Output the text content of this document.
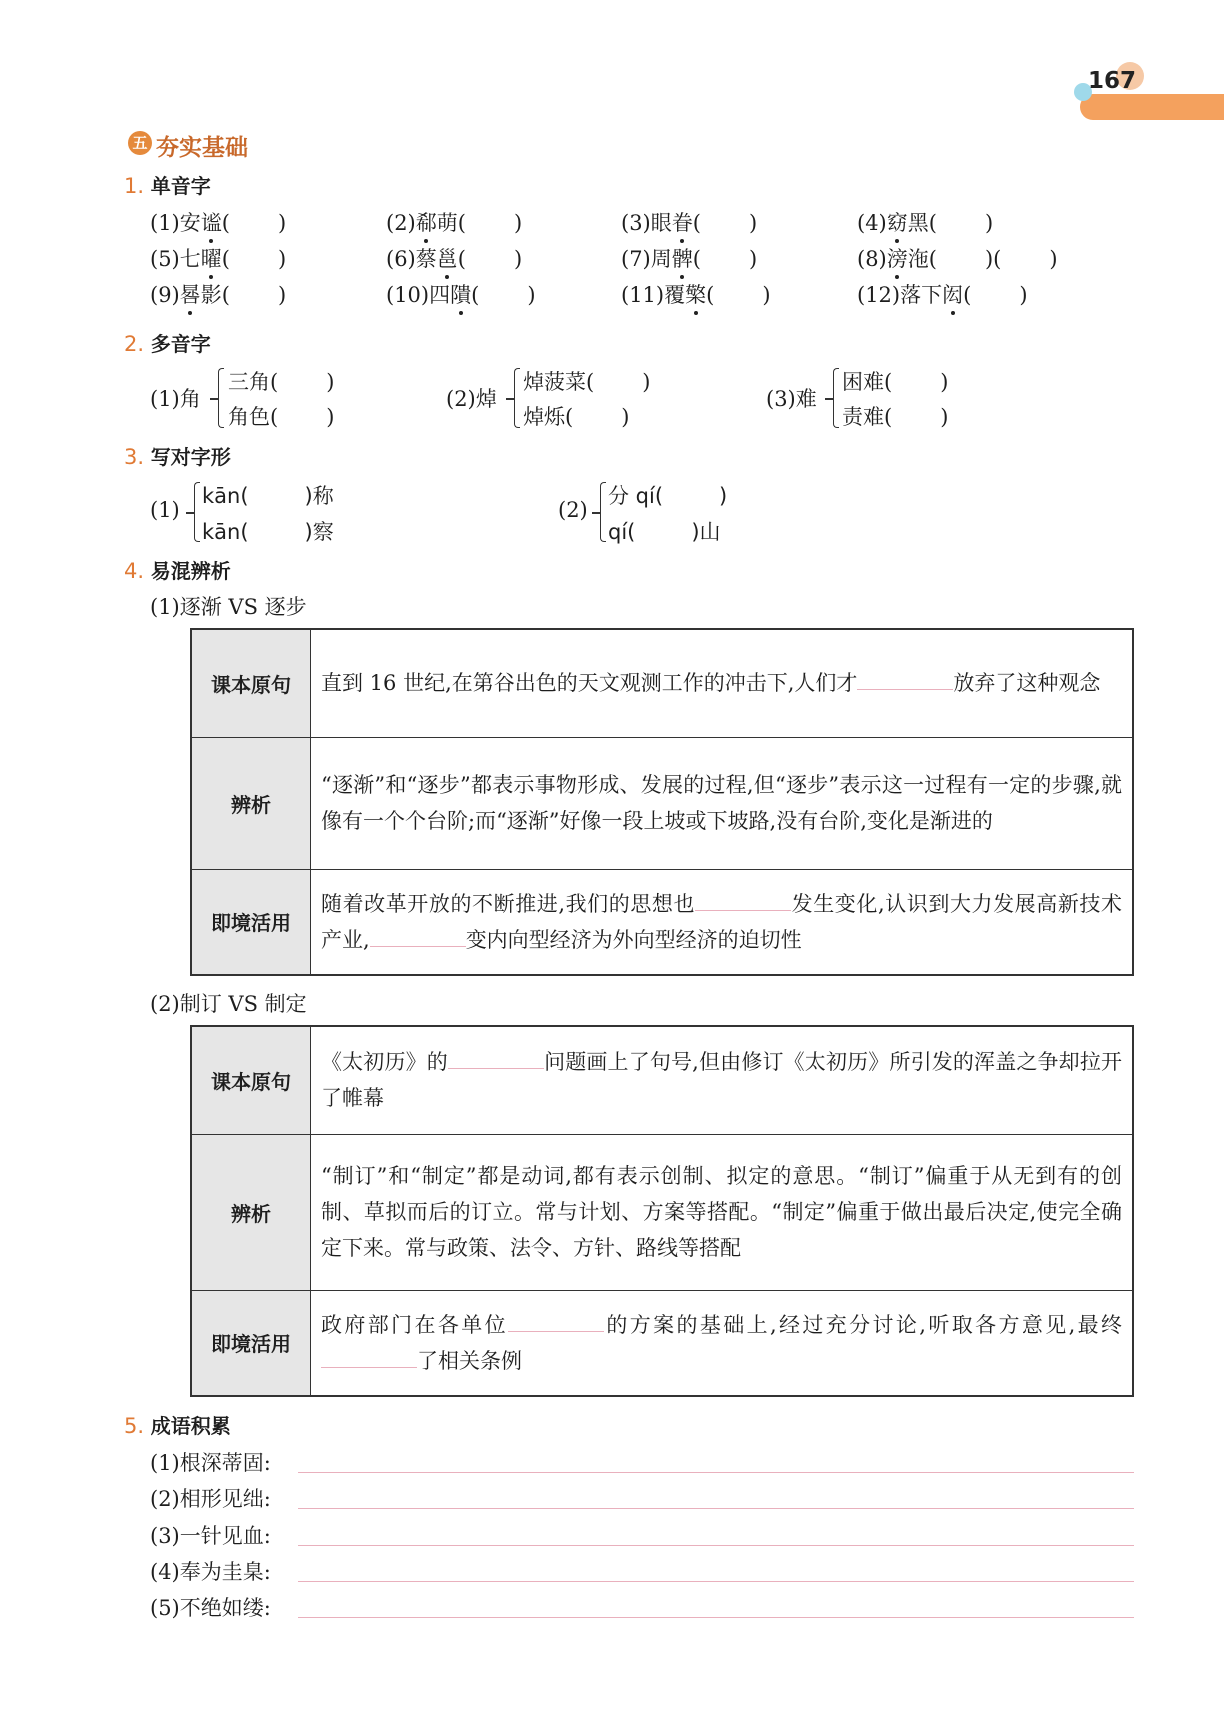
167
五 夯实基础
1. 单音字
(1)安谧( )	(2)郗萌( )	(3)眼眷( )	(4)窈黑( )
(5)七曜( )	(6)蔡邕( )	(7)周髀( )	(8)滂沲( )( )
(9)晷影( )	(10)四隤( )	(11)覆檠( )	(12)落下闳( )
2. 多音字
(1)角
三角( )
角色( )
(2)焯
焯菠菜( )
焯烁( )
(3)难
困难( )
责难( )
3. 写对字形
(1)
kān(	)称
kān(	)察
(2)
分 qí(	)
qí(	)山
4. 易混辨析
(1)逐渐 VS 逐步
课本原句	直到 16 世纪,在第谷出色的天文观测工作的冲击下,人们才 放弃了这种观念
辨析	“逐渐”和“逐步”都表示事物形成、发展的过程,但“逐步”表示这一过程有一定的步骤,就像有一个个台阶;而“逐渐”好像一段上坡或下坡路,没有台阶,变化是渐进的
即境活用	随着改革开放的不断推进,我们的思想也 发生变化,认识到大力发展高新技术产业, 变内向型经济为外向型经济的迫切性
(2)制订 VS 制定
课本原句	《太初历》的 问题画上了句号,但由修订《太初历》所引发的浑盖之争却拉开了帷幕
辨析	“制订”和“制定”都是动词,都有表示创制、拟定的意思。“制订”偏重于从无到有的创制、草拟而后的订立。常与计划、方案等搭配。“制定”偏重于做出最后决定,使完全确定下来。常与政策、法令、方针、路线等搭配
即境活用	政府部门在各单位 的方案的基础上,经过充分讨论,听取各方意见,最终了相关条例
5. 成语积累
(1)根深蒂固:
(2)相形见绌:
(3)一针见血:
(4)奉为圭臬:
(5)不绝如缕:
